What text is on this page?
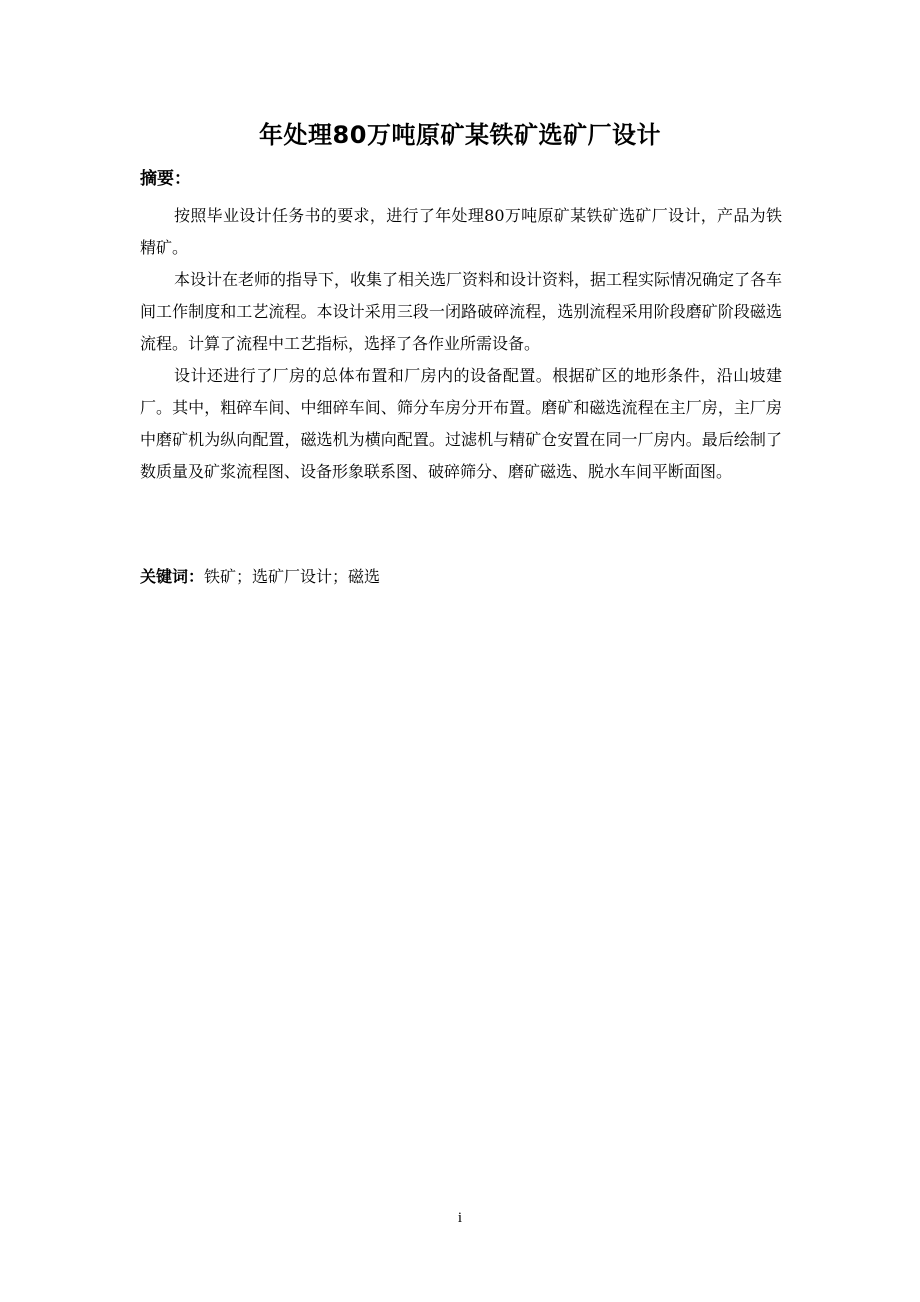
年处理80万吨原矿某铁矿选矿厂设计
摘要：

按照毕业设计任务书的要求，进行了年处理80万吨原矿某铁矿选矿厂设计，产品为铁精矿。

本设计在老师的指导下，收集了相关选厂资料和设计资料，据工程实际情况确定了各车间工作制度和工艺流程。本设计采用三段一闭路破碎流程，选别流程采用阶段磨矿阶段磁选流程。计算了流程中工艺指标，选择了各作业所需设备。

设计还进行了厂房的总体布置和厂房内的设备配置。根据矿区的地形条件，沿山坡建厂。其中，粗碎车间、中细碎车间、筛分车房分开布置。磨矿和磁选流程在主厂房，主厂房中磨矿机为纵向配置，磁选机为横向配置。过滤机与精矿仓安置在同一厂房内。最后绘制了数质量及矿浆流程图、设备形象联系图、破碎筛分、磨矿磁选、脱水车间平断面图。

关键词：铁矿；选矿厂设计；磁选
i
